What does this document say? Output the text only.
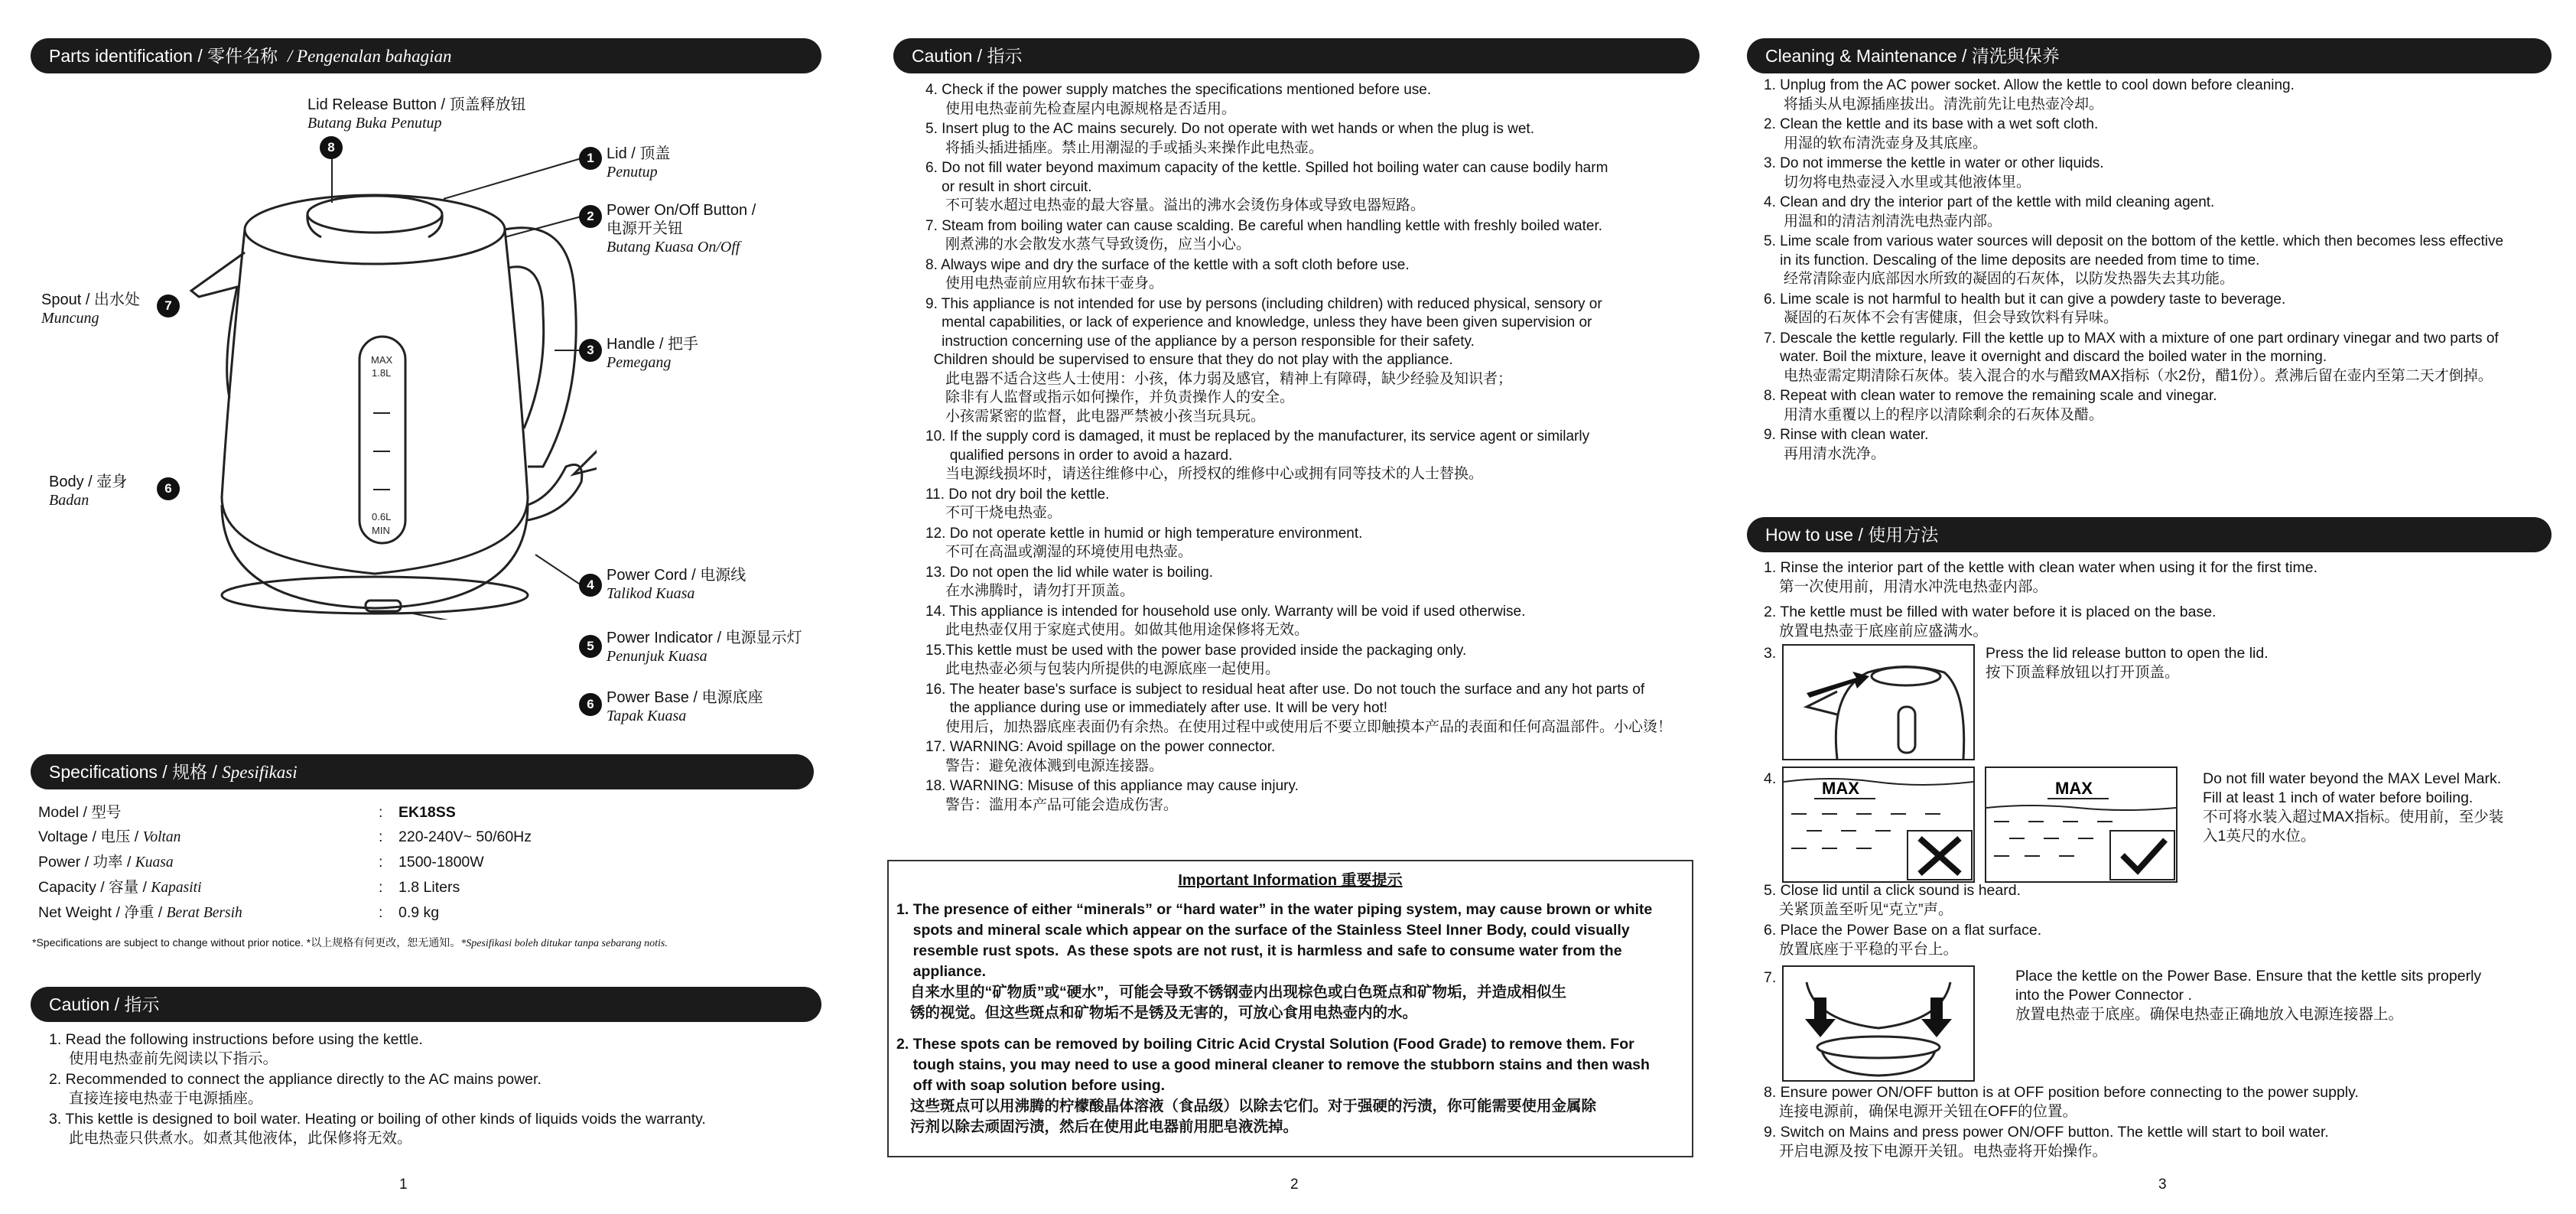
Parts identification / 零件名称 / Pengenalan bahagian
MAX
1.8L
0.6L
MIN
Lid Release Button / 顶盖释放钮
Butang Buka Penutup
8
1 Lid / 顶盖
Penutup
2 Power On/Off Button /
电源开关钮
Butang Kuasa On/Off
Spout / 出水处
Muncung
7
3 Handle / 把手
Pemegang
Body / 壶身
Badan
6
4
Power Cord / 电源线
Talikod Kuasa
5 Power Indicator / 电源显示灯
Penunjuk Kuasa
6 Power Base / 电源底座
Tapak Kuasa
Specifications / 规格 / Spesifikasi
Model / 型号	:	EK18SS
Voltage / 电压 / Voltan	:	220-240V~ 50/60Hz
Power / 功率 / Kuasa	:	1500-1800W
Capacity / 容量 / Kapasiti	:	1.8 Liters
Net Weight / 净重 / Berat Bersih	:	0.9 kg
*Specifications are subject to change without prior notice. *以上规格有何更改，恕无通知。*Spesifikasi boleh ditukar tanpa sebarang notis.
Caution / 指示
1. Read the following instructions before using the kettle.
使用电热壶前先阅读以下指示。
2. Recommended to connect the appliance directly to the AC mains power.
直接连接电热壶于电源插座。
3. This kettle is designed to boil water. Heating or boiling of other kinds of liquids voids the warranty.
此电热壶只供煮水。如煮其他液体，此保修将无效。
1
Caution / 指示
4. Check if the power supply matches the specifications mentioned before use.
使用电热壶前先检查屋内电源规格是否适用。
5. Insert plug to the AC mains securely. Do not operate with wet hands or when the plug is wet.
将插头插进插座。禁止用潮湿的手或插头来操作此电热壶。
6. Do not fill water beyond maximum capacity of the kettle. Spilled hot boiling water can cause bodily harm
or result in short circuit.
不可装水超过电热壶的最大容量。溢出的沸水会烫伤身体或导致电器短路。
7. Steam from boiling water can cause scalding. Be careful when handling kettle with freshly boiled water.
刚煮沸的水会散发水蒸气导致烫伤，应当小心。
8. Always wipe and dry the surface of the kettle with a soft cloth before use.
使用电热壶前应用软布抹干壶身。
9. This appliance is not intended for use by persons (including children) with reduced physical, sensory or
mental capabilities, or lack of experience and knowledge, unless they have been given supervision or
instruction concerning use of the appliance by a person responsible for their safety.
Children should be supervised to ensure that they do not play with the appliance.
此电器不适合这些人士使用：小孩，体力弱及感官，精神上有障碍，缺少经验及知识者；
除非有人监督或指示如何操作，并负责操作人的安全。
小孩需紧密的监督，此电器严禁被小孩当玩具玩。
10. If the supply cord is damaged, it must be replaced by the manufacturer, its service agent or similarly
qualified persons in order to avoid a hazard.
当电源线损坏时，请送往维修中心，所授权的维修中心或拥有同等技术的人士替换。
11. Do not dry boil the kettle.
不可干烧电热壶。
12. Do not operate kettle in humid or high temperature environment.
不可在高温或潮湿的环境使用电热壶。
13. Do not open the lid while water is boiling.
在水沸腾时，请勿打开顶盖。
14. This appliance is intended for household use only. Warranty will be void if used otherwise.
此电热壶仅用于家庭式使用。如做其他用途保修将无效。
15.This kettle must be used with the power base provided inside the packaging only.
此电热壶必须与包装内所提供的电源底座一起使用。
16. The heater base's surface is subject to residual heat after use. Do not touch the surface and any hot parts of
the appliance during use or immediately after use. It will be very hot!
使用后，加热器底座表面仍有余热。在使用过程中或使用后不要立即触摸本产品的表面和任何高温部件。小心烫！
17. WARNING: Avoid spillage on the power connector.
警告：避免液体溅到电源连接器。
18. WARNING: Misuse of this appliance may cause injury.
警告：滥用本产品可能会造成伤害。
Important Information 重要提示
1. The presence of either “minerals” or “hard water” in the water piping system, may cause brown or white
spots and mineral scale which appear on the surface of the Stainless Steel Inner Body, could visually
resemble rust spots.  As these spots are not rust, it is harmless and safe to consume water from the
appliance.
自来水里的“矿物质”或“硬水”，可能会导致不锈钢壶内出现棕色或白色斑点和矿物垢，并造成相似生
锈的视觉。但这些斑点和矿物垢不是锈及无害的，可放心食用电热壶内的水。
2. These spots can be removed by boiling Citric Acid Crystal Solution (Food Grade) to remove them. For
tough stains, you may need to use a good mineral cleaner to remove the stubborn stains and then wash
off with soap solution before using.
这些斑点可以用沸腾的柠檬酸晶体溶液（食品级）以除去它们。对于强硬的污渍，你可能需要使用金属除
污剂以除去顽固污渍，然后在使用此电器前用肥皂液洗掉。
2
Cleaning & Maintenance / 清洗與保养
1. Unplug from the AC power socket. Allow the kettle to cool down before cleaning.
将插头从电源插座拔出。清洗前先让电热壶冷却。
2. Clean the kettle and its base with a wet soft cloth.
用湿的软布清洗壶身及其底座。
3. Do not immerse the kettle in water or other liquids.
切勿将电热壶浸入水里或其他液体里。
4. Clean and dry the interior part of the kettle with mild cleaning agent.
用温和的清洁剂清洗电热壶内部。
5. Lime scale from various water sources will deposit on the bottom of the kettle. which then becomes less effective
in its function. Descaling of the lime deposits are needed from time to time.
经常清除壶内底部因水所致的凝固的石灰体，以防发热器失去其功能。
6. Lime scale is not harmful to health but it can give a powdery taste to beverage.
凝固的石灰体不会有害健康，但会导致饮料有异味。
7. Descale the kettle regularly. Fill the kettle up to MAX with a mixture of one part ordinary vinegar and two parts of
water. Boil the mixture, leave it overnight and discard the boiled water in the morning.
电热壶需定期清除石灰体。装入混合的水与醋致MAX指标（水2份，醋1份）。煮沸后留在壶内至第二天才倒掉。
8. Repeat with clean water to remove the remaining scale and vinegar.
用清水重覆以上的程序以清除剩余的石灰体及醋。
9. Rinse with clean water.
再用清水洗净。
How to use / 使用方法
1. Rinse the interior part of the kettle with clean water when using it for the first time.
第一次使用前，用清水冲洗电热壶内部。
2. The kettle must be filled with water before it is placed on the base.
放置电热壶于底座前应盛满水。
3.	Press the lid release button to open the lid.
按下顶盖释放钮以打开顶盖。
4.	MAX	MAX	Do not fill water beyond the MAX Level Mark.
Fill at least 1 inch of water before boiling.
不可将水装入超过MAX指标。使用前，至少装
入1英尺的水位。
5. Close lid until a click sound is heard.
关紧顶盖至听见“克立”声。
6. Place the Power Base on a flat surface.
放置底座于平稳的平台上。
7.	Place the kettle on the Power Base. Ensure that the kettle sits properly
into the Power Connector .
放置电热壶于底座。确保电热壶正确地放入电源连接器上。
8. Ensure power ON/OFF button is at OFF position before connecting to the power supply.
连接电源前，确保电源开关钮在OFF的位置。
9. Switch on Mains and press power ON/OFF button. The kettle will start to boil water.
开启电源及按下电源开关钮。电热壶将开始操作。
3
